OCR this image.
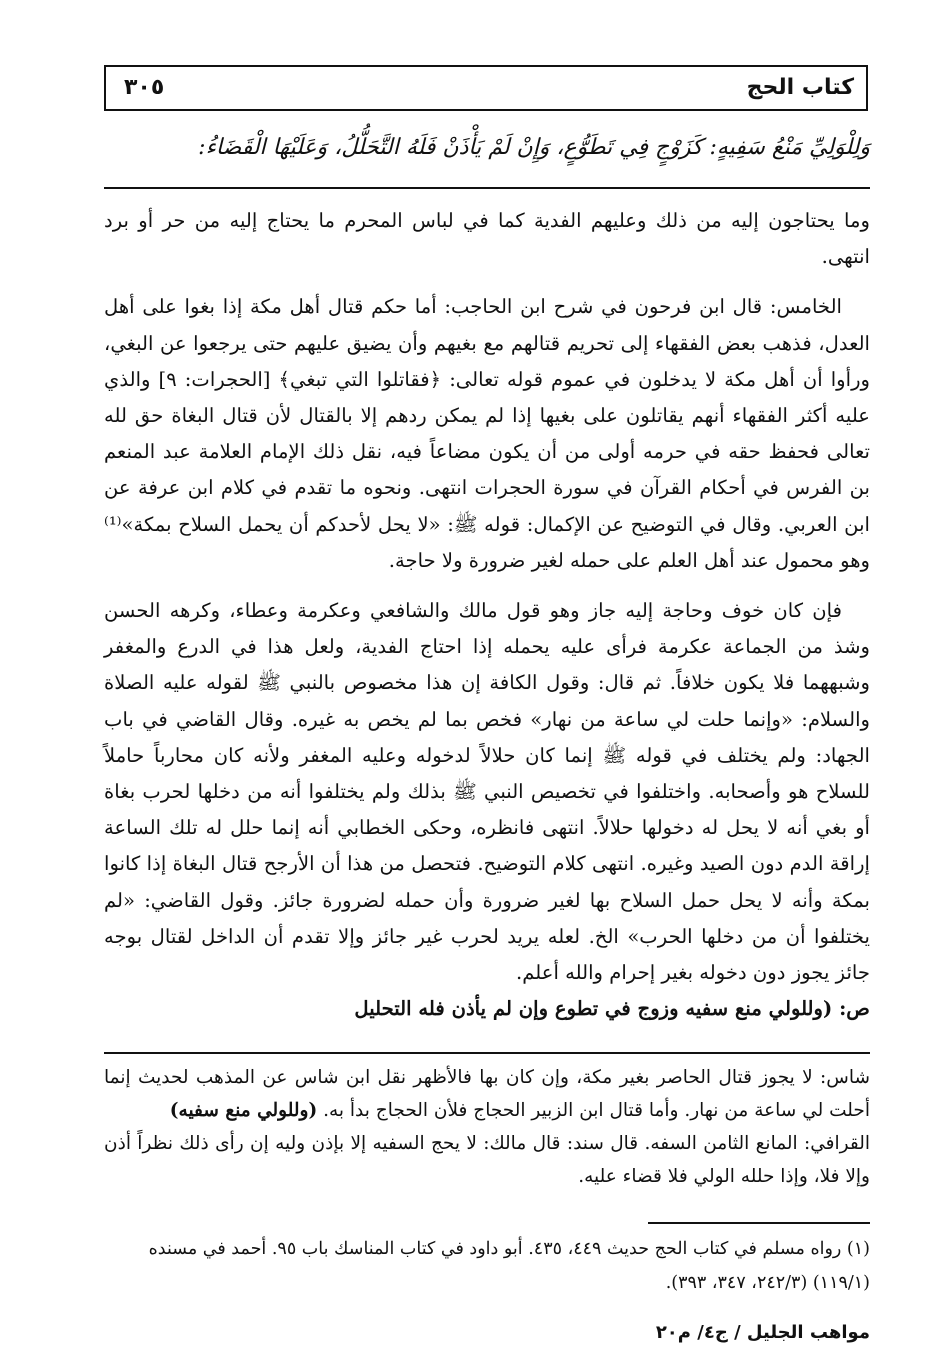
كتاب الحج
٣٠٥
وَلِلْوَلِيِّ مَنْعُ سَفِيهٍ: كَزَوْجٍ فِي تَطَوُّعٍ، وَإِنْ لَمْ يَأْذَنْ فَلَهُ التَّحَلُّلُ، وَعَلَيْهَا الْقَضَاءُ:

وما يحتاجون إليه من ذلك وعليهم الفدية كما في لباس المحرم ما يحتاج إليه من حر أو برد انتهى.

الخامس: قال ابن فرحون في شرح ابن الحاجب: أما حكم قتال أهل مكة إذا بغوا على أهل العدل، فذهب بعض الفقهاء إلى تحريم قتالهم مع بغيهم وأن يضيق عليهم حتى يرجعوا عن البغي، ورأوا أن أهل مكة لا يدخلون في عموم قوله تعالى: ﴿فقاتلوا التي تبغي﴾ [الحجرات: ٩] والذي عليه أكثر الفقهاء أنهم يقاتلون على بغيها إذا لم يمكن ردهم إلا بالقتال لأن قتال البغاة حق لله تعالى فحفظ حقه في حرمه أولى من أن يكون مضاعاً فيه، نقل ذلك الإمام العلامة عبد المنعم بن الفرس في أحكام القرآن في سورة الحجرات انتهى. ونحوه ما تقدم في كلام ابن عرفة عن ابن العربي. وقال في التوضيح عن الإكمال: قوله ﷺ: «لا يحل لأحدكم أن يحمل السلاح بمكة»⁽¹⁾ وهو محمول عند أهل العلم على حمله لغير ضرورة ولا حاجة.

فإن كان خوف وحاجة إليه جاز وهو قول مالك والشافعي وعكرمة وعطاء، وكرهه الحسن وشذ من الجماعة عكرمة فرأى عليه يحمله إذا احتاج الفدية، ولعل هذا في الدرع والمغفر وشبههما فلا يكون خلافاً. ثم قال: وقول الكافة إن هذا مخصوص بالنبي ﷺ لقوله عليه الصلاة والسلام: «وإنما حلت لي ساعة من نهار» فخص بما لم يخص به غيره. وقال القاضي في باب الجهاد: ولم يختلف في قوله ﷺ إنما كان حلالاً لدخوله وعليه المغفر ولأنه كان محارباً حاملاً للسلاح هو وأصحابه. واختلفوا في تخصيص النبي ﷺ بذلك ولم يختلفوا أنه من دخلها لحرب بغاة أو بغي أنه لا يحل له دخولها حلالاً. انتهى فانظره، وحكى الخطابي أنه إنما حلل له تلك الساعة إراقة الدم دون الصيد وغيره. انتهى كلام التوضيح. فتحصل من هذا أن الأرجح قتال البغاة إذا كانوا بمكة وأنه لا يحل حمل السلاح بها لغير ضرورة وأن حمله لضرورة جائز. وقول القاضي: «لم يختلفوا أن من دخلها الحرب» الخ. لعله يريد لحرب غير جائز وإلا تقدم أن الداخل لقتال بوجه جائز يجوز دون دخوله بغير إحرام والله أعلم.

ص: (وللولي منع سفيه وزوج في تطوع وإن لم يأذن فله التحليل

شاس: لا يجوز قتال الحاصر بغير مكة، وإن كان بها فالأظهر نقل ابن شاس عن المذهب لحديث إنما أحلت لي ساعة من نهار. وأما قتال ابن الزبير الحجاج فلأن الحجاج بدأ به. (وللولي منع سفيه)

القرافي: المانع الثامن السفه. قال سند: قال مالك: لا يحج السفيه إلا بإذن وليه إن رأى ذلك نظراً أذن وإلا فلا، وإذا حلله الولي فلا قضاء عليه.

(١) رواه مسلم في كتاب الحج حديث ٤٤٩، ٤٣٥. أبو داود في كتاب المناسك باب ٩٥. أحمد في مسنده (١١٩/١) (٢٤٢/٣، ٣٤٧، ٣٩٣).

مواهب الجليل / ج٤/ م٢٠
